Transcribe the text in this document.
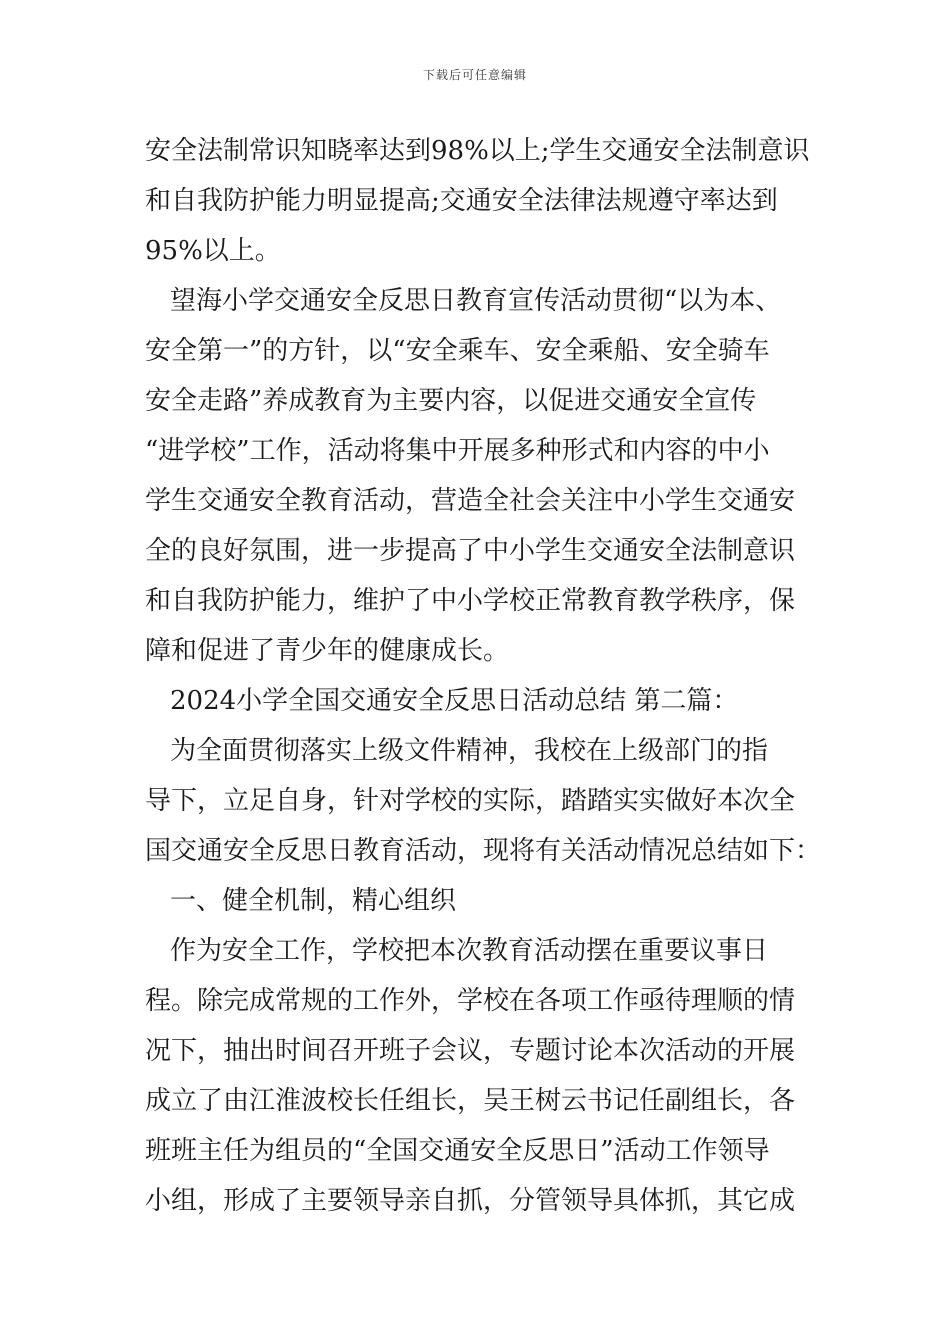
下载后可任意编辑
安全法制常识知晓率达到98%以上;学生交通安全法制意识
和自我防护能力明显提高;交通安全法律法规遵守率达到
95%以上。
望海小学交通安全反思日教育宣传活动贯彻“以为本、
安全第一”的方针，以“安全乘车、安全乘船、安全骑车
安全走路”养成教育为主要内容，以促进交通安全宣传
“进学校”工作，活动将集中开展多种形式和内容的中小
学生交通安全教育活动，营造全社会关注中小学生交通安
全的良好氛围，进一步提高了中小学生交通安全法制意识
和自我防护能力，维护了中小学校正常教育教学秩序，保
障和促进了青少年的健康成长。
2024小学全国交通安全反思日活动总结 第二篇：
为全面贯彻落实上级文件精神，我校在上级部门的指
导下，立足自身，针对学校的实际，踏踏实实做好本次全
国交通安全反思日教育活动，现将有关活动情况总结如下：
一、健全机制，精心组织
作为安全工作，学校把本次教育活动摆在重要议事日
程。除完成常规的工作外，学校在各项工作亟待理顺的情
况下，抽出时间召开班子会议，专题讨论本次活动的开展
成立了由江淮波校长任组长，吴王树云书记任副组长，各
班班主任为组员的“全国交通安全反思日”活动工作领导
小组，形成了主要领导亲自抓，分管领导具体抓，其它成
